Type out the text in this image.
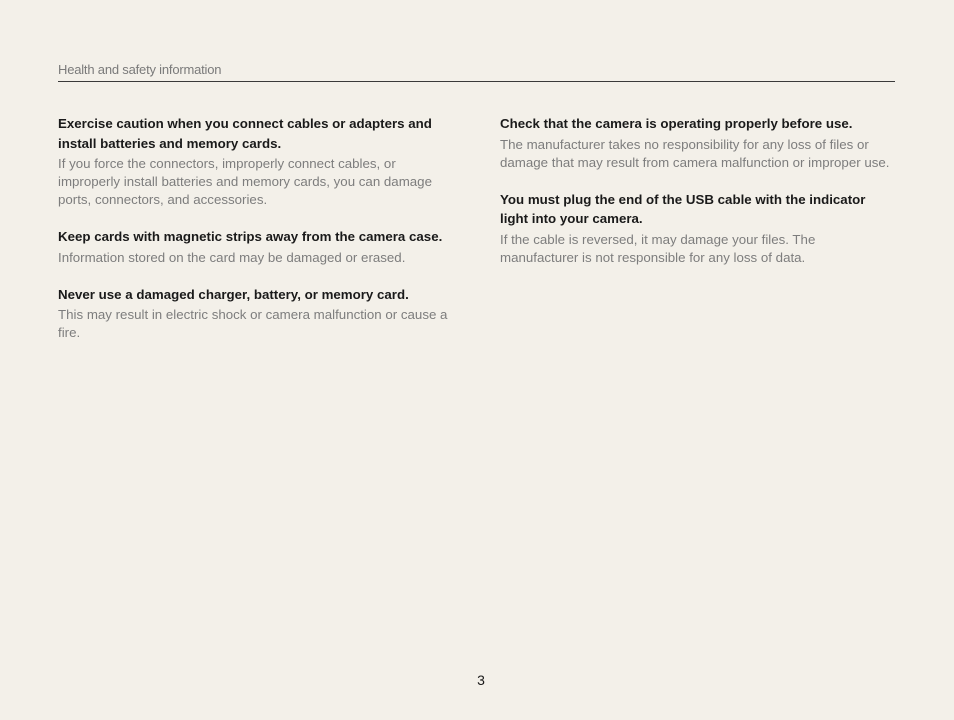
Health and safety information

Exercise caution when you connect cables or adapters and install batteries and memory cards.

If you force the connectors, improperly connect cables, or improperly install batteries and memory cards, you can damage ports, connectors, and accessories.

Keep cards with magnetic strips away from the camera case.

Information stored on the card may be damaged or erased.

Never use a damaged charger, battery, or memory card.

This may result in electric shock or camera malfunction or cause a fire.

Check that the camera is operating properly before use.

The manufacturer takes no responsibility for any loss of files or damage that may result from camera malfunction or improper use.

You must plug the end of the USB cable with the indicator light into your camera.

If the cable is reversed, it may damage your files. The manufacturer is not responsible for any loss of data.

3
